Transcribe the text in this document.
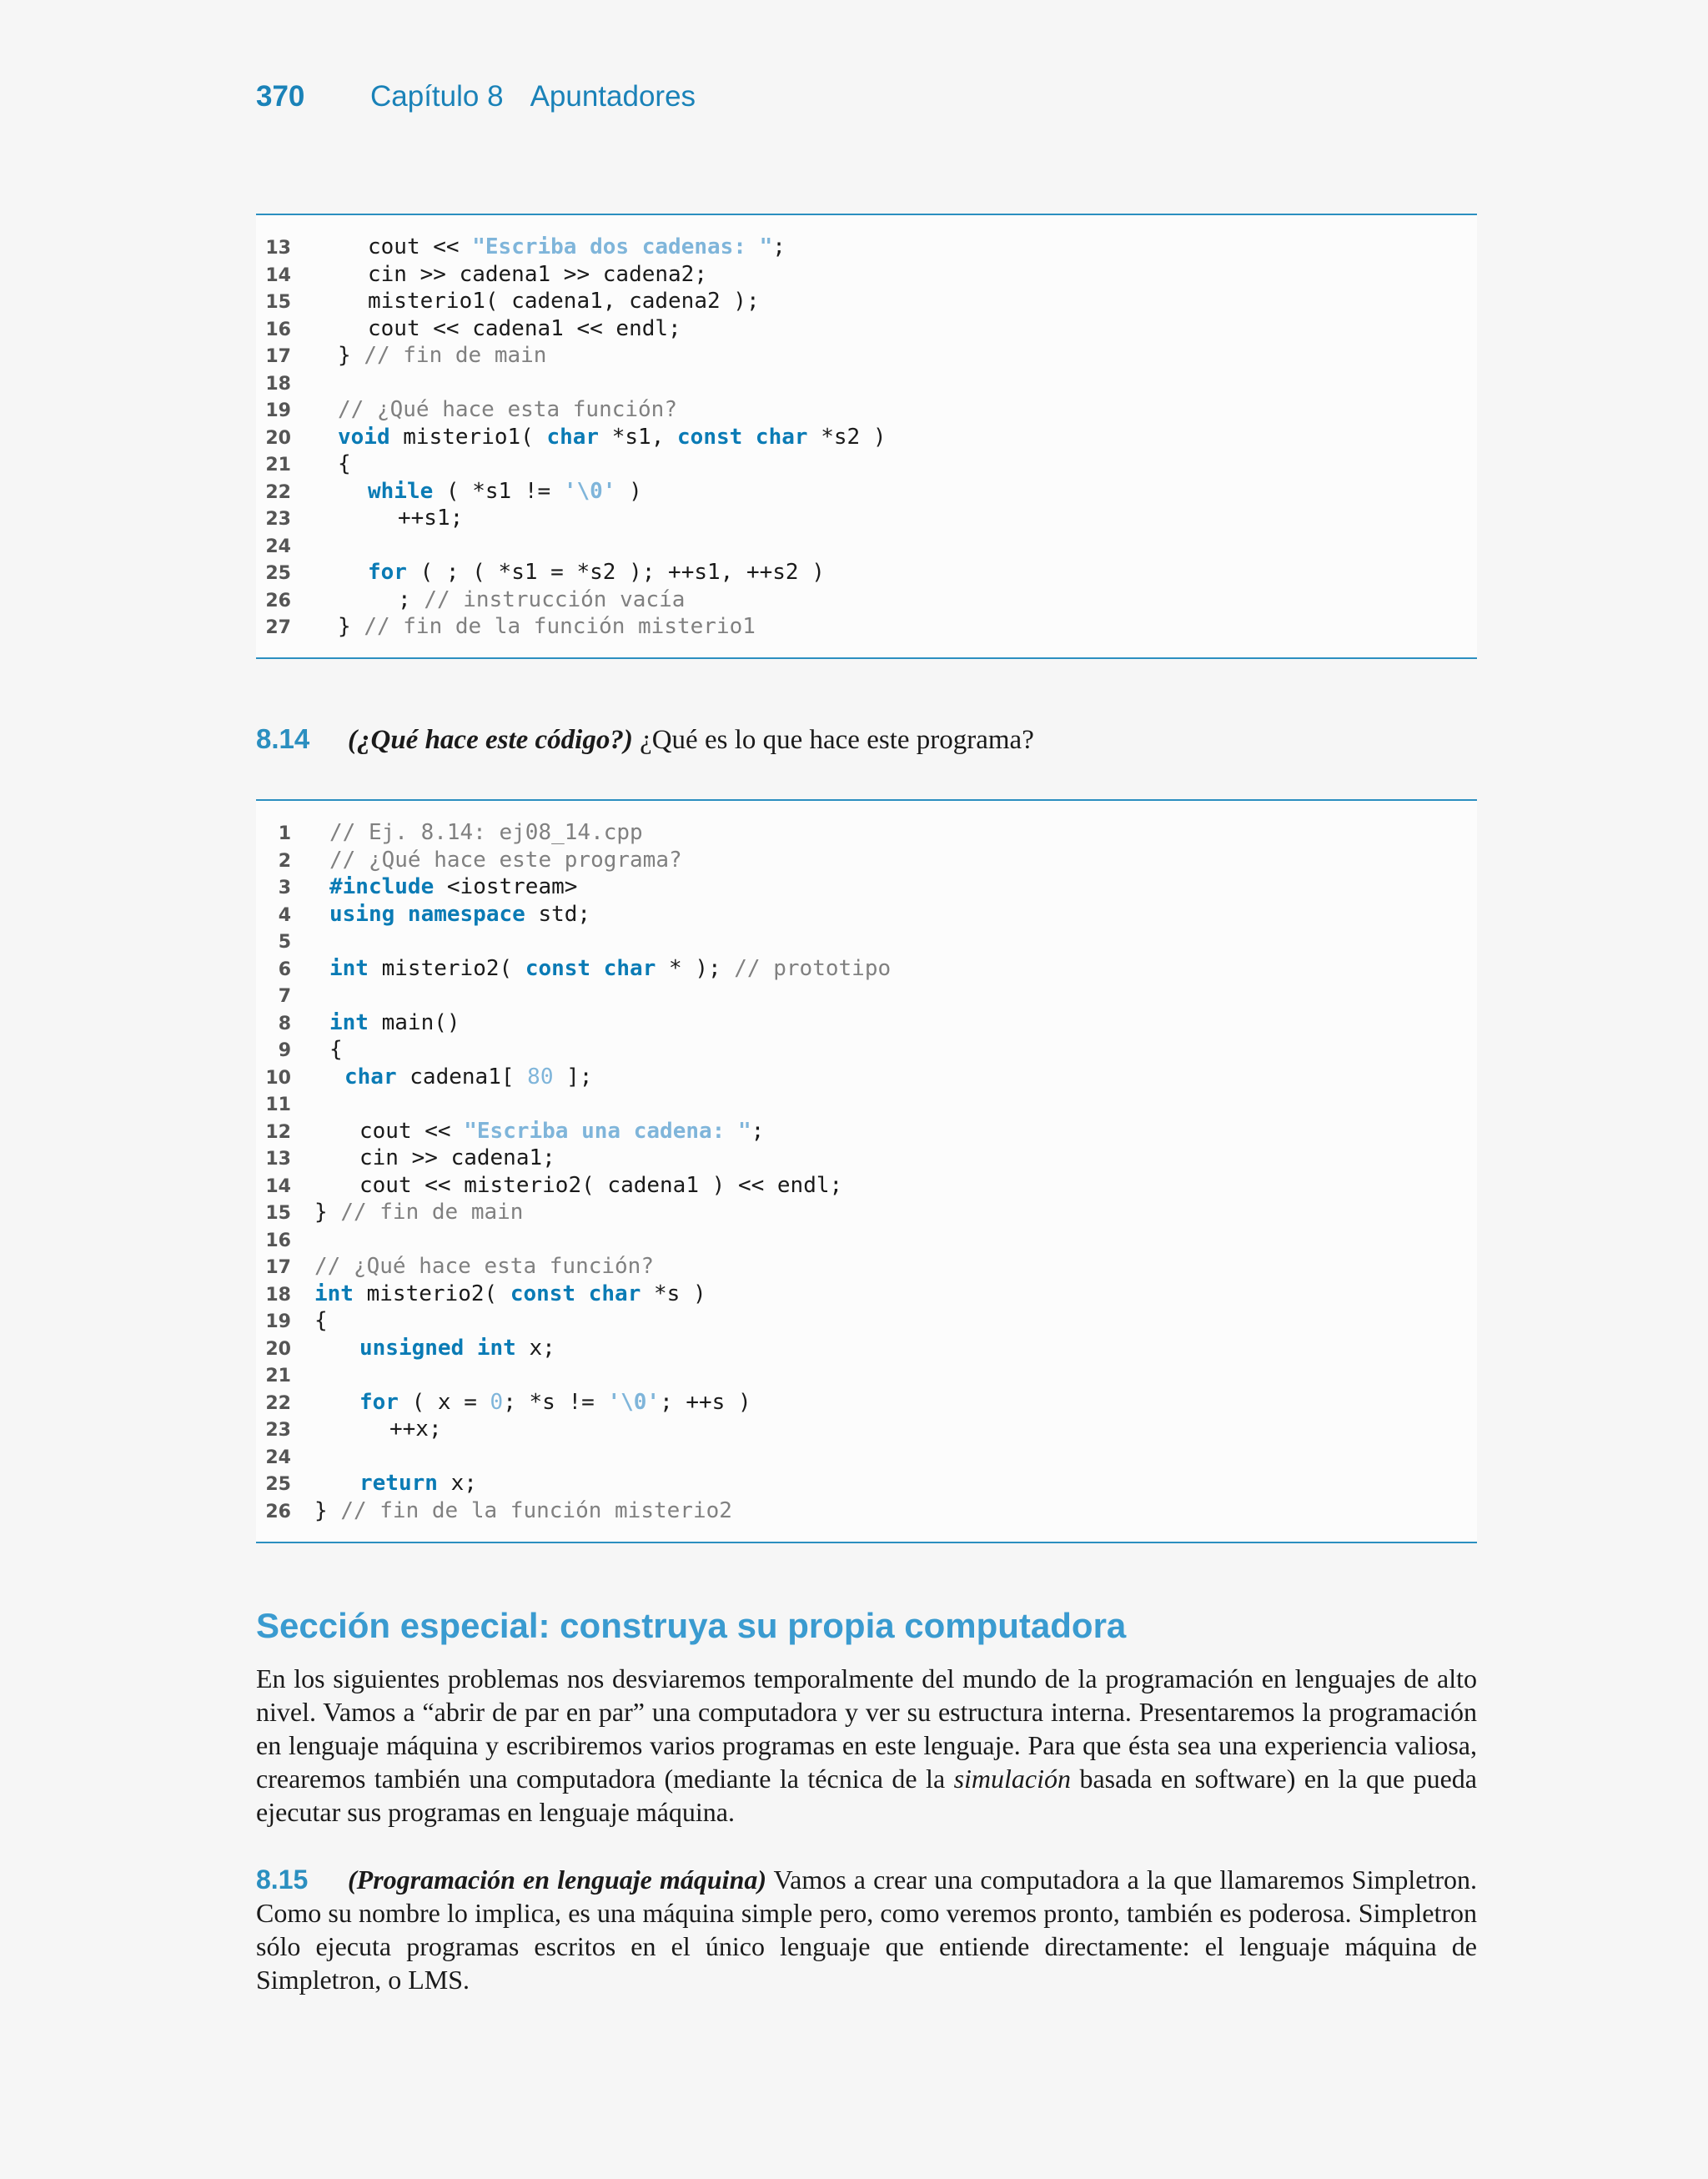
370 Capítulo 8 Apuntadores
13	cout << "Escriba dos cadenas: ";
14	cin >> cadena1 >> cadena2;
15	misterio1( cadena1, cadena2 );
16	cout << cadena1 << endl;
17 } // fin de main
18
19 // ¿Qué hace esta función?
20 void misterio1( char *s1, const char *s2 )
21 {
22	while ( *s1 != '\0' )
23	++s1;
24
25	for ( ; ( *s1 = *s2 ); ++s1, ++s2 )
26	; // instrucción vacía
27 } // fin de la función misterio1
8.14 (¿Qué hace este código?) ¿Qué es lo que hace este programa?
1 // Ej. 8.14: ej08_14.cpp
2 // ¿Qué hace este programa?
3 #include <iostream>
4 using namespace std;
5
6 int misterio2( const char * ); // prototipo
7
8 int main()
9 {
10 char cadena1[ 80 ];
11
12	cout << "Escriba una cadena: ";
13	cin >> cadena1;
14	cout << misterio2( cadena1 ) << endl;
15 } // fin de main
16
17 // ¿Qué hace esta función?
18 int misterio2( const char *s )
19 {
20	unsigned int x;
21
22	for ( x = 0; *s != '\0'; ++s )
23	++x;
24
25	return x;
26 } // fin de la función misterio2
Sección especial: construya su propia computadora
En los siguientes problemas nos desviaremos temporalmente del mundo de la programación en lenguajes de alto nivel. Vamos a “abrir de par en par” una computadora y ver su estructura interna. Presentaremos la programación en lenguaje máquina y escribiremos varios programas en este lenguaje. Para que ésta sea una experiencia valiosa, crearemos también una computadora (mediante la técnica de la simulación basada en software) en la que pueda ejecutar sus programas en lenguaje máquina.
8.15 (Programación en lenguaje máquina) Vamos a crear una computadora a la que llamaremos Simpletron. Como su nombre lo implica, es una máquina simple pero, como veremos pronto, también es poderosa. Simpletron sólo ejecuta programas escritos en el único lenguaje que entiende directamente: el lenguaje máquina de Simpletron, o LMS.
